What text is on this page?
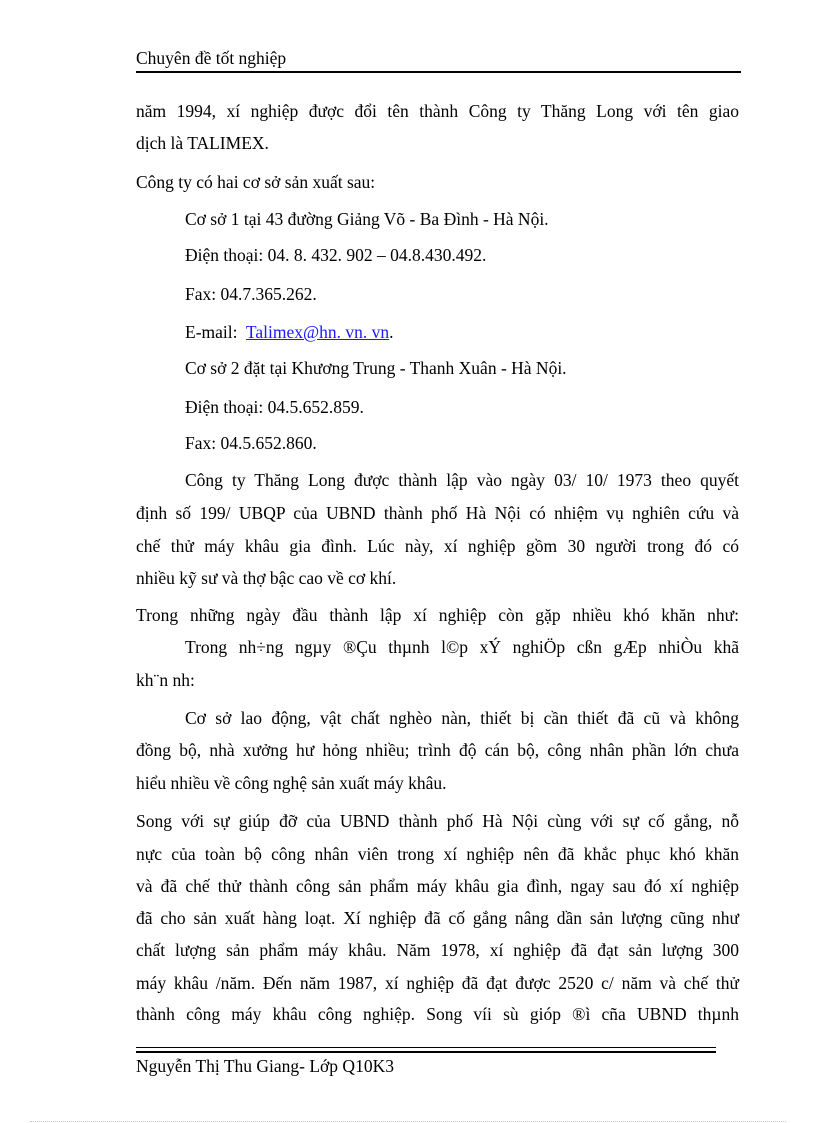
Chuyên đề tốt nghiệp
năm 1994, xí nghiệp được đổi tên thành Công ty Thăng Long với tên giao
dịch là TALIMEX.
Công ty có hai cơ sở sản xuất sau:
Cơ sở 1 tại 43 đường Giảng Võ - Ba Đình - Hà Nội.
Điện thoại: 04. 8. 432. 902 – 04.8.430.492.
Fax: 04.7.365.262.
E-mail: Talimex@hn. vn. vn.
Cơ sở 2 đặt tại Khương Trung - Thanh Xuân - Hà Nội.
Điện thoại: 04.5.652.859.
Fax: 04.5.652.860.
Công ty Thăng Long được thành lập vào ngày 03/ 10/ 1973 theo quyết
định số 199/ UBQP của UBND thành phố Hà Nội có nhiệm vụ nghiên cứu và
chế thử máy khâu gia đình. Lúc này, xí nghiệp gồm 30 người trong đó có
nhiều kỹ sư và thợ bậc cao về cơ khí.
Trong những ngày đầu thành lập xí nghiệp còn gặp nhiều khó khăn như:
Trong nh÷ng ngµy ®Çu thµnh l©p xÝ nghiÖp cßn gÆp nhiÒu khã
kh¨n nh:
Cơ sở lao động, vật chất nghèo nàn, thiết bị cần thiết đã cũ và không
đồng bộ, nhà xưởng hư hỏng nhiều; trình độ cán bộ, công nhân phần lớn chưa
hiểu nhiều về công nghệ sản xuất máy khâu.
Song với sự giúp đỡ của UBND thành phố Hà Nội cùng với sự cố gắng, nỗ
nực của toàn bộ công nhân viên trong xí nghiệp nên đã khắc phục khó khăn
và đã chế thử thành công sản phẩm máy khâu gia đình, ngay sau đó xí nghiệp
đã cho sản xuất hàng loạt. Xí nghiệp đã cố gắng nâng dần sản lượng cũng như
chất lượng sản phẩm máy khâu. Năm 1978, xí nghiệp đã đạt sản lượng 300
máy khâu /năm. Đến năm 1987, xí nghiệp đã đạt được 2520 c/ năm và chế thử
thành công máy khâu công nghiệp. Song víi sù gióp ®ì cña UBND thµnh
Nguyễn Thị Thu Giang- Lớp Q10K3
